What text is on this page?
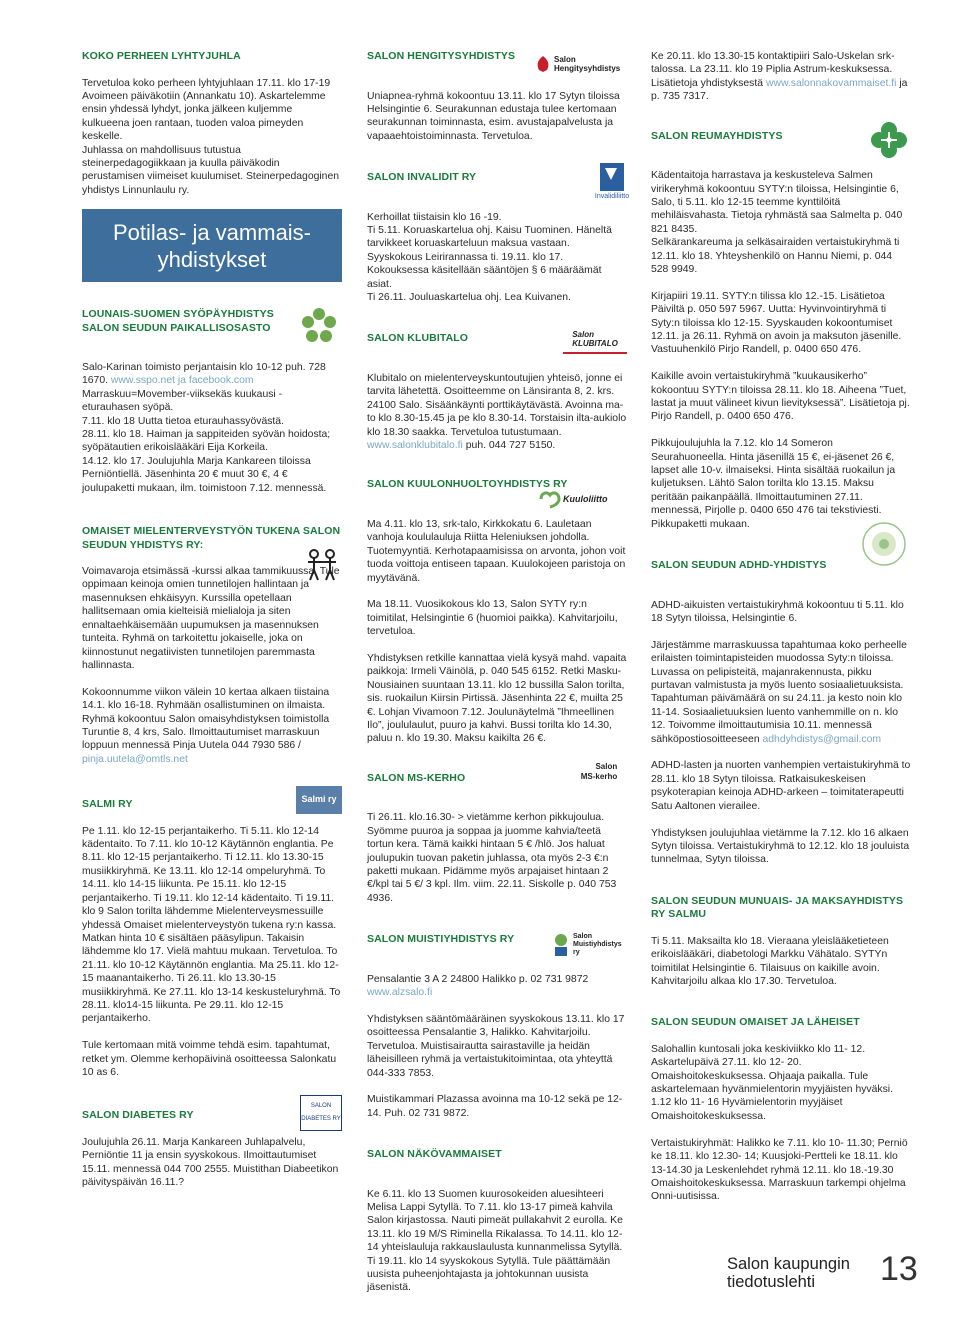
KOKO PERHEEN LYHTYJUHLA

Tervetuloa koko perheen lyhtyjuhlaan 17.11. klo 17-19 Avoimeen päiväkotiin (Annankatu 10). Askartelemme ensin yhdessä lyhdyt, jonka jälkeen kuljemme kulkueena joen rantaan, tuoden valoa pimeyden keskelle.
Juhlassa on mahdollisuus tutustua steinerpedagogiikkaan ja kuulla päiväkodin perustamisen viimeiset kuulumiset. Steinerpedagoginen yhdistys Linnunlaulu ry.

Potilas- ja vammais-
yhdistykset
LOUNAIS-SUOMEN SYÖPÄYHDISTYS SALON SEUDUN PAIKALLISOSASTO

Salo-Karinan toimisto perjantaisin klo 10-12 puh. 728 1670. www.sspo.net ja facebook.com
Marraskuu=Movember-viiksekäs kuukausi - eturauhasen syöpä.
7.11. klo 18 Uutta tietoa eturauhassyövästä.
28.11. klo 18. Haiman ja sappiteiden syövän hoidosta; syöpätautien erikoislääkäri Eija Korkeila.
14.12. klo 17. Joulujuhla Marja Kankareen tiloissa Perniöntiellä. Jäsenhinta 20 € muut 30 €, 4 € joulupaketti mukaan, ilm. toimistoon 7.12. mennessä.

OMAISET MIELENTERVEYSTYÖN TUKENA SALON SEUDUN YHDISTYS RY:

Voimavaroja etsimässä -kurssi alkaa tammikuussa. Tule oppimaan keinoja omien tunnetilojen hallintaan ja masennuksen ehkäisyyn. Kurssilla opetellaan hallitsemaan omia kielteisiä mielialoja ja siten ennaltaehkäisemään uupumuksen ja masennuksen tunteita. Ryhmä on tarkoitettu jokaiselle, joka on kiinnostunut negatiivisten tunnetilojen paremmasta hallinnasta.

Kokoonnumme viikon välein 10 kertaa alkaen tiistaina 14.1. klo 16-18. Ryhmään osallistuminen on ilmaista. Ryhmä kokoontuu Salon omaisyhdistyksen toimistolla Turuntie 8, 4 krs, Salo. Ilmoittautumiset marraskuun loppuun mennessä Pinja Uutela 044 7930 586 / pinja.uutela@omtls.net

SALMI RY	Salmi ry

Pe 1.11. klo 12-15 perjantaikerho. Ti 5.11. klo 12-14 kädentaito. To 7.11. klo 10-12 Käytännön englantia. Pe 8.11. klo 12-15 perjantaikerho. Ti 12.11. klo 13.30-15 musiikkiryhmä. Ke 13.11. klo 12-14 ompeluryhmä. To 14.11. klo 14-15 liikunta. Pe 15.11. klo 12-15 perjantaikerho. Ti 19.11. klo 12-14 kädentaito. Ti 19.11. klo 9 Salon torilta lähdemme Mielenterveysmessuille yhdessä Omaiset mielenterveystyön tukena ry:n kassa. Matkan hinta 10 € sisältäen pääsylipun. Takaisin lähdemme klo 17. Vielä mahtuu mukaan. Tervetuloa. To 21.11. klo 10-12 Käytännön englantia. Ma 25.11. klo 12-15 maanantaikerho. Ti 26.11. klo 13.30-15 musiikkiryhmä. Ke 27.11. klo 13-14 keskusteluryhmä. To 28.11. klo14-15 liikunta. Pe 29.11. klo 12-15 perjantaikerho.

Tule kertomaan mitä voimme tehdä esim. tapahtumat, retket ym. Olemme kerhopäivinä osoitteessa Salonkatu 10 as 6.

SALON DIABETES RY
SALON
DIABETES RY

Joulujuhla 26.11. Marja Kankareen Juhlapalvelu, Perniöntie 11 ja ensin syyskokous. Ilmoittautumiset 15.11. mennessä 044 700 2555. Muistithan Diabeetikon päivityspäivän 16.11.?

SALON HENGITYSYHDISTYS	Salon
Hengitysyhdistys

Uniapnea-ryhmä kokoontuu 13.11. klo 17 Sytyn tiloissa Helsingintie 6. Seurakunnan edustaja tulee kertomaan seurakunnan toiminnasta, esim. avustajapalvelusta ja vapaaehtoistoiminnasta. Tervetuloa.

SALON INVALIDIT RY
Invalidiliitto

Kerhoillat tiistaisin klo 16 -19.
Ti 5.11. Koruaskartelua ohj. Kaisu Tuominen. Häneltä tarvikkeet koruaskarteluun maksua vastaan.
Syyskokous Leirirannassa ti. 19.11. klo 17. Kokouksessa käsitellään sääntöjen § 6 määräämät asiat.
Ti 26.11. Jouluaskartelua ohj. Lea Kuivanen.

SALON KLUBITALO	Salon
KLUBITALO

Klubitalo on mielenterveyskuntoutujien yhteisö, jonne ei tarvita lähetettä. Osoitteemme on Länsiranta 8, 2. krs. 24100 Salo. Sisäänkäynti porttikäytävästä. Avoinna ma-to klo 8.30-15.45 ja pe klo 8.30-14. Torstaisin ilta-aukiolo klo 18.30 saakka. Tervetuloa tutustumaan.
www.salonklubitalo.fi puh. 044 727 5150.

SALON KUULONHUOLTOYHDISTYS RY
Kuuloliitto

Ma 4.11. klo 13, srk-talo, Kirkkokatu 6. Lauletaan vanhoja koululauluja Riitta Heleniuksen johdolla. Tuotemyyntiä. Kerhotapaamisissa on arvonta, johon voit tuoda voittoja entiseen tapaan. Kuulokojeen paristoja on myytävänä.

Ma 18.11. Vuosikokous klo 13, Salon SYTY ry:n toimitilat, Helsingintie 6 (huomioi paikka). Kahvitarjoilu, tervetuloa.

Yhdistyksen retkille kannattaa vielä kysyä mahd. vapaita paikkoja: Irmeli Väinölä, p. 040 545 6152. Retki Masku-Nousiainen suuntaan 13.11. klo 12 bussilla Salon torilta, sis. ruokailun Kiirsin Pirtissä. Jäsenhinta 22 €, muilta 25 €. Lohjan Vivamoon 7.12. Joulunäytelmä ”Ihmeellinen Ilo”, joululaulut, puuro ja kahvi. Bussi torilta klo 14.30, paluu n. klo 19.30. Maksu kaikilta 26 €.

SALON MS-KERHO
Salon
MS-kerho

Ti 26.11. klo.16.30- > vietämme kerhon pikkujoulua. Syömme puuroa ja soppaa ja juomme kahvia/teetä tortun kera. Tämä kaikki hintaan 5 € /hlö. Jos haluat joulupukin tuovan paketin juhlassa, ota myös 2-3 €:n paketti mukaan. Pidämme myös arpajaiset hintaan 2 €/kpl tai 5 €/ 3 kpl. Ilm. viim. 22.11. Siskolle p. 040 753 4936.

SALON MUISTIYHDISTYS RY	Salon
Muistiyhdistys ry

Pensalantie 3 A 2 24800 Halikko p. 02 731 9872
www.alzsalo.fi

Yhdistyksen sääntömääräinen syyskokous 13.11. klo 17 osoitteessa Pensalantie 3, Halikko. Kahvitarjoilu. Tervetuloa. Muistisairautta sairastaville ja heidän läheisilleen ryhmä ja vertaistukitoimintaa, ota yhteyttä 044-333 7853.

Muistikammari Plazassa avoinna ma 10-12 sekä pe 12-14. Puh. 02 731 9872.

SALON NÄKÖVAMMAISET

Ke 6.11. klo 13 Suomen kuurosokeiden aluesihteeri Melisa Lappi Sytyllä. To 7.11. klo 13-17 pimeä kahvila Salon kirjastossa. Nauti pimeät pullakahvit 2 eurolla. Ke 13.11. klo 19 M/S Riminella Rikalassa. To 14.11. klo 12-14 yhteislauluja rakkauslaulusta kunnanmelissa Sytyllä. Ti 19.11. klo 14 syyskokous Sytyllä. Tule päättämään uusista puheenjohtajasta ja johtokunnan uusista jäsenistä.

Ke 20.11. klo 13.30-15 kontaktipiiri Salo-Uskelan srk-talossa. La 23.11. klo 19 Piplia Astrum-keskuksessa. Lisätietoja yhdistyksestä www.salonnakovammaiset.fi ja p. 735 7317.

SALON REUMAYHDISTYS

Kädentaitoja harrastava ja keskusteleva Salmen virikeryhmä kokoontuu SYTY:n tiloissa, Helsingintie 6, Salo, ti 5.11. klo 12-15 teemme kynttilöitä mehiläisvahasta. Tietoja ryhmästä saa Salmelta p. 040 821 8435.
Selkärankareuma ja selkäsairaiden vertaistukiryhmä ti 12.11. klo 18. Yhteyshenkilö on Hannu Niemi, p. 044 528 9949.

Kirjapiiri 19.11. SYTY:n tilissa klo 12.-15. Lisätietoa Päiviltä p. 050 597 5967. Uutta: Hyvinvointiryhmä ti Syty:n tiloissa klo 12-15. Syyskauden kokoontumiset 12.11. ja 26.11. Ryhmä on avoin ja maksuton jäsenille. Vastuuhenkilö Pirjo Randell, p. 0400 650 476.

Kaikille avoin vertaistukiryhmä ”kuukausikerho” kokoontuu SYTY:n tiloissa 28.11. klo 18. Aiheena ”Tuet, lastat ja muut välineet kivun lievityksessä”. Lisätietoja pj. Pirjo Randell, p. 0400 650 476.

Pikkujoulujuhla la 7.12. klo 14 Someron Seurahuoneella. Hinta jäsenillä 15 €, ei-jäsenet 26 €, lapset alle 10-v. ilmaiseksi. Hinta sisältää ruokailun ja kuljetuksen. Lähtö Salon torilta klo 13.15. Maksu peritään paikanpäällä. Ilmoittautuminen 27.11. mennessä, Pirjolle p. 0400 650 476 tai tekstiviesti. Pikkupaketti mukaan.

SALON SEUDUN ADHD-YHDISTYS

ADHD-aikuisten vertaistukiryhmä kokoontuu ti 5.11. klo 18 Sytyn tiloissa, Helsingintie 6.

Järjestämme marraskuussa tapahtumaa koko perheelle erilaisten toimintapisteiden muodossa Syty:n tiloissa. Luvassa on pelipisteitä, majanrakennusta, pikku purtavan valmistusta ja myös luento sosiaalietuuksista. Tapahtuman päivämäärä on su 24.11. ja kesto noin klo 11-14. Sosiaalietuuksien luento vanhemmille on n. klo 12. Toivomme ilmoittautumisia 10.11. mennessä sähköpostiosoitteeseen adhdyhdistys@gmail.com

ADHD-lasten ja nuorten vanhempien vertaistukiryhmä to 28.11. klo 18 Sytyn tiloissa. Ratkaisukeskeisen psykoterapian keinoja ADHD-arkeen – toimitaterapeutti Satu Aaltonen vierailee.

Yhdistyksen joulujuhlaa vietämme la 7.12. klo 16 alkaen Sytyn tiloissa. Vertaistukiryhmä to 12.12. klo 18 jouluista tunnelmaa, Sytyn tiloissa.

SALON SEUDUN MUNUAIS- JA MAKSAYHDISTYS RY SALMU

Ti 5.11. Maksailta klo 18. Vieraana yleislääketieteen erikoislääkäri, diabetologi Markku Vähätalo. SYTYn toimitilat Helsingintie 6. Tilaisuus on kaikille avoin. Kahvitarjoilu alkaa klo 17.30. Tervetuloa.

SALON SEUDUN OMAISET JA LÄHEISET

Salohallin kuntosali joka keskiviikko klo 11- 12. Askartelupäivä 27.11. klo 12- 20. Omaishoitokeskuksessa. Ohjaaja paikalla. Tule askartelemaan hyvänmielentorin myyjäisten hyväksi. 1.12 klo 11- 16 Hyvämielentorin myyjäiset Omaishoitokeskuksessa.

Vertaistukiryhmät: Halikko ke 7.11. klo 10- 11.30; Perniö ke 18.11. klo 12.30- 14; Kuusjoki-Pertteli ke 18.11. klo 13-14.30 ja Leskenlehdet ryhmä 12.11. klo 18.-19.30 Omaishoitokeskuksessa. Marraskuun tarkempi ohjelma Onni-uutisissa.

Salon kaupungin
tiedotuslehti	13
